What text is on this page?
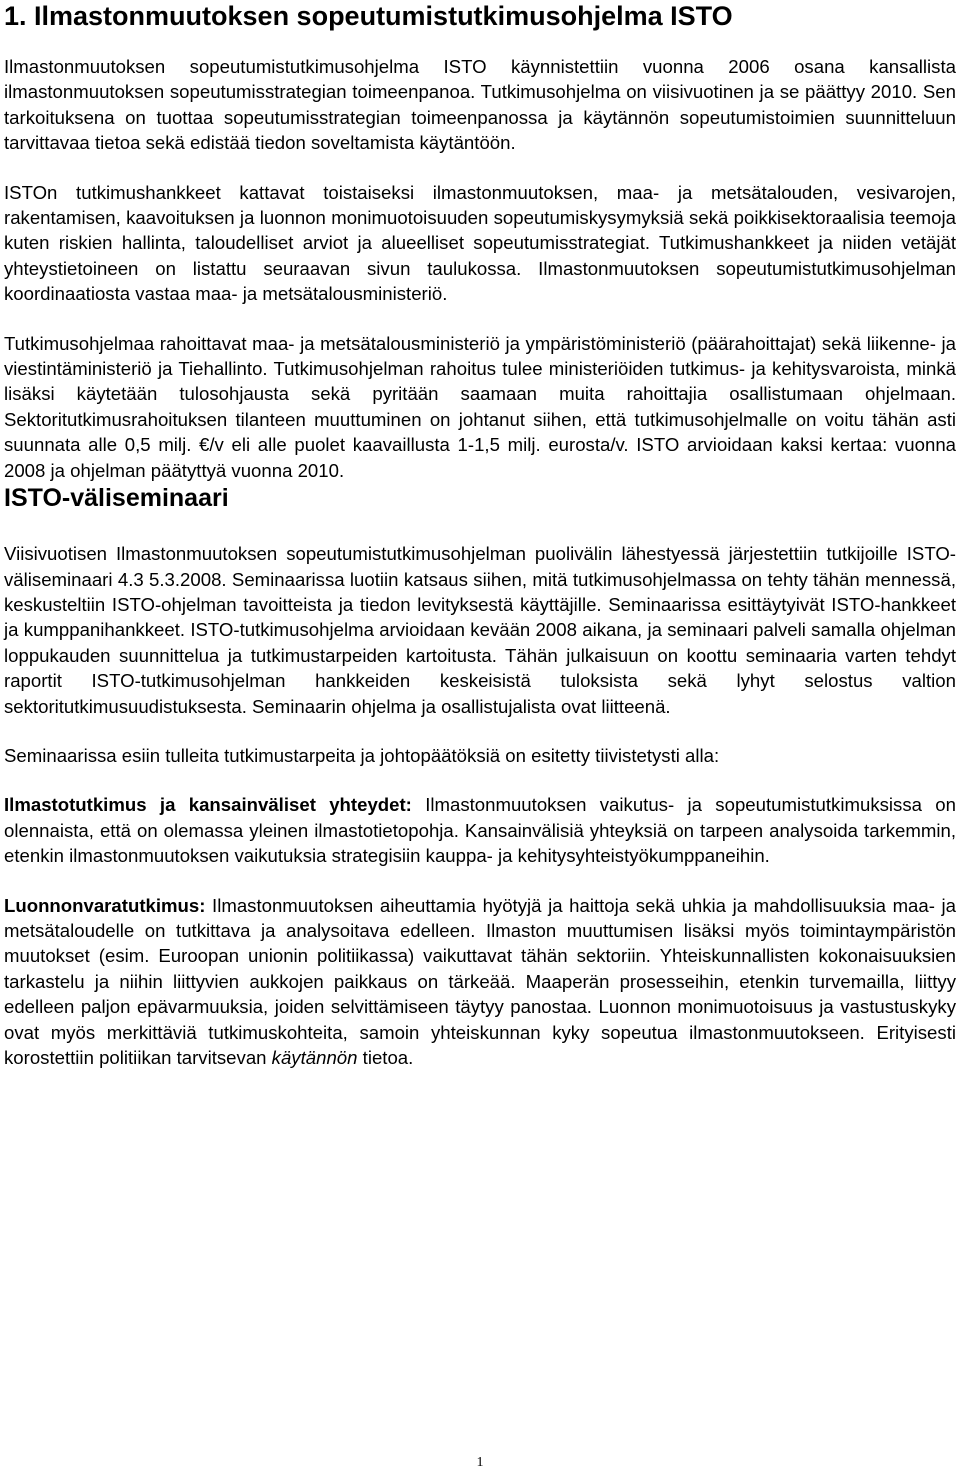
1. Ilmastonmuutoksen sopeutumistutkimusohjelma ISTO

Ilmastonmuutoksen sopeutumistutkimusohjelma ISTO käynnistettiin vuonna 2006 osana kansallista ilmastonmuutoksen sopeutumisstrategian toimeenpanoa. Tutkimusohjelma on viisivuotinen ja se päättyy 2010. Sen tarkoituksena on tuottaa sopeutumisstrategian toimeenpanossa ja käytännön sopeutumistoimien suunnitteluun tarvittavaa tietoa sekä edistää tiedon soveltamista käytäntöön.

ISTOn tutkimushankkeet kattavat toistaiseksi ilmastonmuutoksen, maa- ja metsätalouden, vesivarojen, rakentamisen, kaavoituksen ja luonnon monimuotoisuuden sopeutumiskysymyksiä sekä poikkisektoraalisia teemoja kuten riskien hallinta, taloudelliset arviot ja alueelliset sopeutumisstrategiat. Tutkimushankkeet ja niiden vetäjät yhteystietoineen on listattu seuraavan sivun taulukossa. Ilmastonmuutoksen sopeutumistutkimusohjelman koordinaatiosta vastaa maa- ja metsätalousministeriö.

Tutkimusohjelmaa rahoittavat maa- ja metsätalousministeriö ja ympäristöministeriö (päärahoittajat) sekä liikenne- ja viestintäministeriö ja Tiehallinto. Tutkimusohjelman rahoitus tulee ministeriöiden tutkimus- ja kehitysvaroista, minkä lisäksi käytetään tulosohjausta sekä pyritään saamaan muita rahoittajia osallistumaan ohjelmaan. Sektoritutkimusrahoituksen tilanteen muuttuminen on johtanut siihen, että tutkimusohjelmalle on voitu tähän asti suunnata alle 0,5 milj. €/v eli alle puolet kaavaillusta 1-1,5 milj. eurosta/v. ISTO arvioidaan kaksi kertaa: vuonna 2008 ja ohjelman päätyttyä vuonna 2010.

ISTO-väliseminaari

Viisivuotisen Ilmastonmuutoksen sopeutumistutkimusohjelman puolivälin lähestyessä järjestettiin tutkijoille ISTO-väliseminaari 4.3 5.3.2008. Seminaarissa luotiin katsaus siihen, mitä tutkimusohjelmassa on tehty tähän mennessä, keskusteltiin ISTO-ohjelman tavoitteista ja tiedon levityksestä käyttäjille. Seminaarissa esittäytyivät ISTO-hankkeet ja kumppanihankkeet. ISTO-tutkimusohjelma arvioidaan kevään 2008 aikana, ja seminaari palveli samalla ohjelman loppukauden suunnittelua ja tutkimustarpeiden kartoitusta. Tähän julkaisuun on koottu seminaaria varten tehdyt raportit ISTO-tutkimusohjelman hankkeiden keskeisistä tuloksista sekä lyhyt selostus valtion sektoritutkimusuudistuksesta. Seminaarin ohjelma ja osallistujalista ovat liitteenä.

Seminaarissa esiin tulleita tutkimustarpeita ja johtopäätöksiä on esitetty tiivistetysti alla:

Ilmastotutkimus ja kansainväliset yhteydet: Ilmastonmuutoksen vaikutus- ja sopeutumistutkimuksissa on olennaista, että on olemassa yleinen ilmastotietopohja. Kansainvälisiä yhteyksiä on tarpeen analysoida tarkemmin, etenkin ilmastonmuutoksen vaikutuksia strategisiin kauppa- ja kehitysyhteistyökumppaneihin.

Luonnonvaratutkimus: Ilmastonmuutoksen aiheuttamia hyötyjä ja haittoja sekä uhkia ja mahdollisuuksia maa- ja metsätaloudelle on tutkittava ja analysoitava edelleen. Ilmaston muuttumisen lisäksi myös toimintaympäristön muutokset (esim. Euroopan unionin politiikassa) vaikuttavat tähän sektoriin. Yhteiskunnallisten kokonaisuuksien tarkastelu ja niihin liittyvien aukkojen paikkaus on tärkeää. Maaperän prosesseihin, etenkin turvemailla, liittyy edelleen paljon epävarmuuksia, joiden selvittämiseen täytyy panostaa. Luonnon monimuotoisuus ja vastustuskyky ovat myös merkittäviä tutkimuskohteita, samoin yhteiskunnan kyky sopeutua ilmastonmuutokseen. Erityisesti korostettiin politiikan tarvitsevan käytännön tietoa.

1
